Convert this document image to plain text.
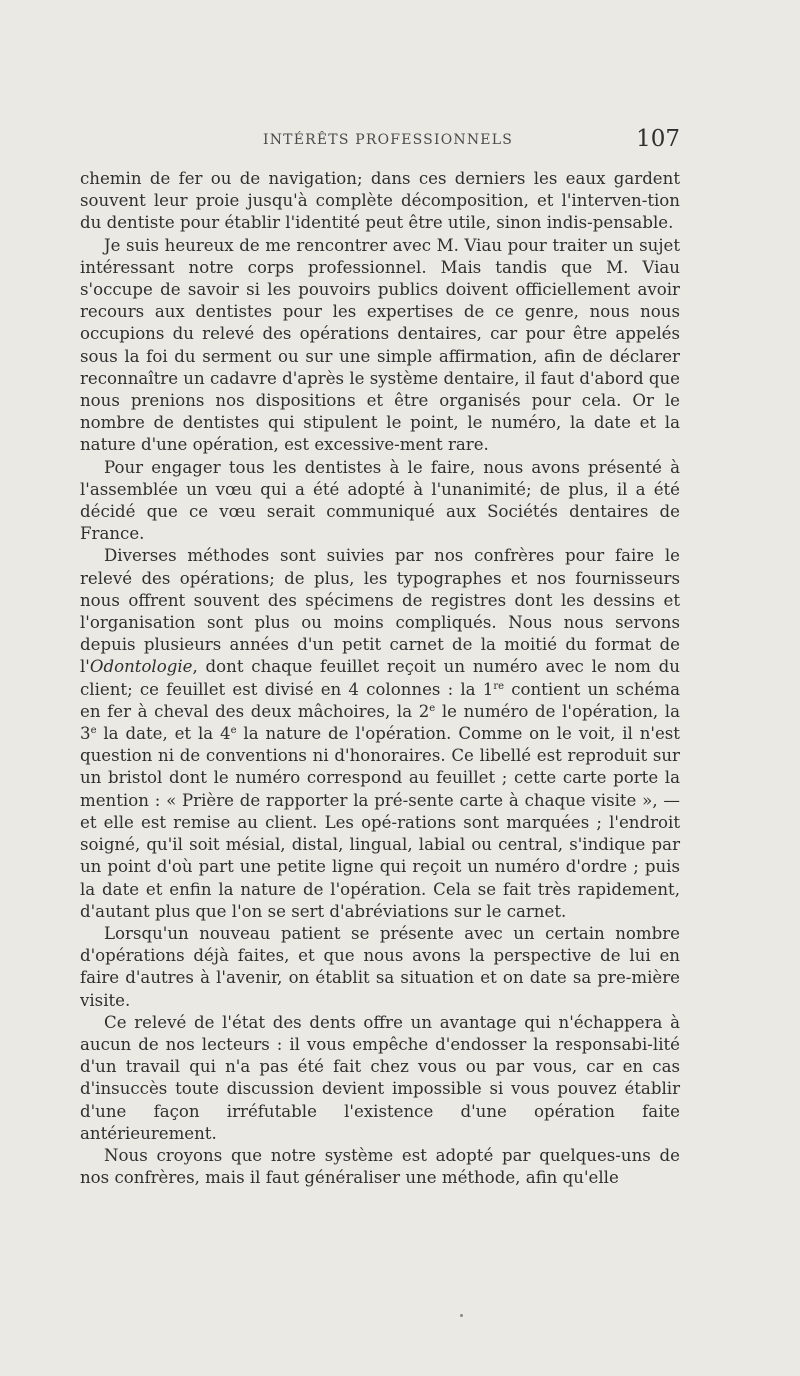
INTÉRÊTS PROFESSIONNELS	107

chemin de fer ou de navigation; dans ces derniers les eaux gardent souvent leur proie jusqu'à complète décomposition, et l'interven-tion du dentiste pour établir l'identité peut être utile, sinon indis-pensable.

Je suis heureux de me rencontrer avec M. Viau pour traiter un sujet intéressant notre corps professionnel. Mais tandis que M. Viau s'occupe de savoir si les pouvoirs publics doivent officiellement avoir recours aux dentistes pour les expertises de ce genre, nous nous occupions du relevé des opérations dentaires, car pour être appelés sous la foi du serment ou sur une simple affirmation, afin de déclarer reconnaître un cadavre d'après le système dentaire, il faut d'abord que nous prenions nos dispositions et être organisés pour cela. Or le nombre de dentistes qui stipulent le point, le numéro, la date et la nature d'une opération, est excessive-ment rare.

Pour engager tous les dentistes à le faire, nous avons présenté à l'assemblée un vœu qui a été adopté à l'unanimité; de plus, il a été décidé que ce vœu serait communiqué aux Sociétés dentaires de France.

Diverses méthodes sont suivies par nos confrères pour faire le relevé des opérations; de plus, les typographes et nos fournisseurs nous offrent souvent des spécimens de registres dont les dessins et l'organisation sont plus ou moins compliqués. Nous nous servons depuis plusieurs années d'un petit carnet de la moitié du format de l'Odontologie, dont chaque feuillet reçoit un numéro avec le nom du client; ce feuillet est divisé en 4 colonnes : la 1re contient un schéma en fer à cheval des deux mâchoires, la 2e le numéro de l'opération, la 3e la date, et la 4e la nature de l'opération. Comme on le voit, il n'est question ni de conventions ni d'honoraires. Ce libellé est reproduit sur un bristol dont le numéro correspond au feuillet ; cette carte porte la mention : « Prière de rapporter la pré-sente carte à chaque visite », — et elle est remise au client. Les opé-rations sont marquées ; l'endroit soigné, qu'il soit mésial, distal, lingual, labial ou central, s'indique par un point d'où part une petite ligne qui reçoit un numéro d'ordre ; puis la date et enfin la nature de l'opération. Cela se fait très rapidement, d'autant plus que l'on se sert d'abréviations sur le carnet.

Lorsqu'un nouveau patient se présente avec un certain nombre d'opérations déjà faites, et que nous avons la perspective de lui en faire d'autres à l'avenir, on établit sa situation et on date sa pre-mière visite.

Ce relevé de l'état des dents offre un avantage qui n'échappera à aucun de nos lecteurs : il vous empêche d'endosser la responsabi-lité d'un travail qui n'a pas été fait chez vous ou par vous, car en cas d'insuccès toute discussion devient impossible si vous pouvez établir d'une façon irréfutable l'existence d'une opération faite antérieurement.

Nous croyons que notre système est adopté par quelques-uns de nos confrères, mais il faut généraliser une méthode, afin qu'elle
